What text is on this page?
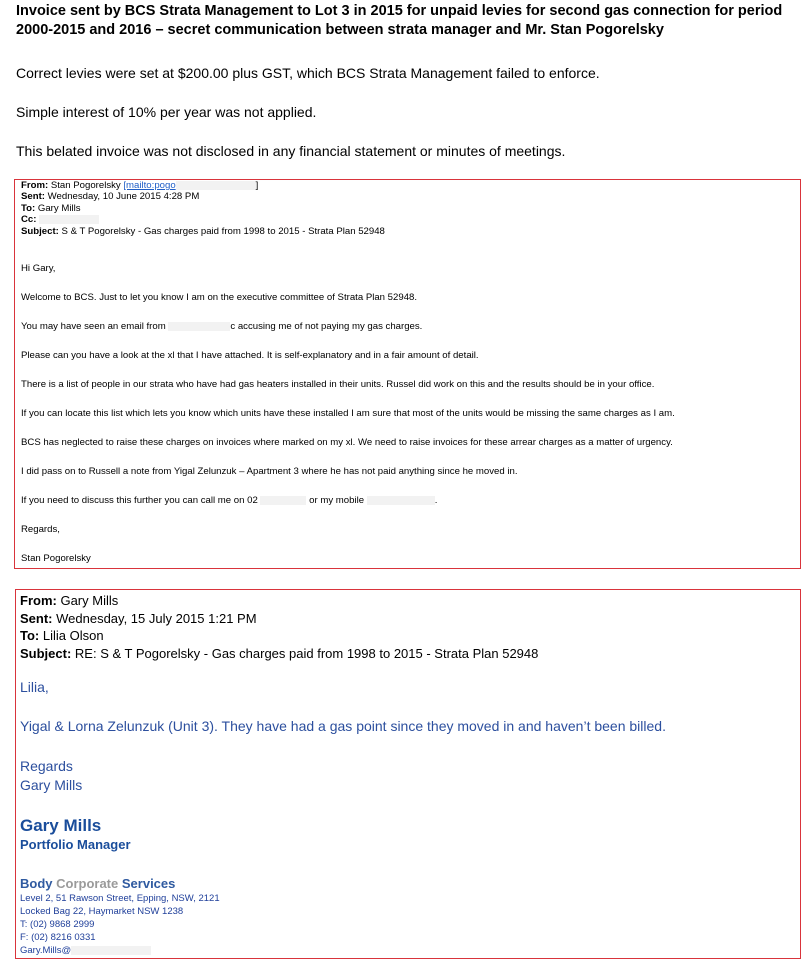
Invoice sent by BCS Strata Management to Lot 3 in 2015 for unpaid levies for second gas connection for period 2000-2015 and 2016 – secret communication between strata manager and Mr. Stan Pogorelsky
Correct levies were set at $200.00 plus GST, which BCS Strata Management failed to enforce.
Simple interest of 10% per year was not applied.
This belated invoice was not disclosed in any financial statement or minutes of meetings.
From: Stan Pogorelsky [mailto:pogo	]
Sent: Wednesday, 10 June 2015 4:28 PM
To: Gary Mills
Cc:
Subject: S & T Pogorelsky - Gas charges paid from 1998 to 2015 - Strata Plan 52948
Hi Gary,
Welcome to BCS. Just to let you know I am on the executive committee of Strata Plan 52948.
You may have seen an email from	c accusing me of not paying my gas charges.
Please can you have a look at the xl that I have attached. It is self-explanatory and in a fair amount of detail.
There is a list of people in our strata who have had gas heaters installed in their units. Russel did work on this and the results should be in your office.
If you can locate this list which lets you know which units have these installed I am sure that most of the units would be missing the same charges as I am.
BCS has neglected to raise these charges on invoices where marked on my xl. We need to raise invoices for these arrear charges as a matter of urgency.
I did pass on to Russell a note from Yigal Zelunzuk – Apartment 3 where he has not paid anything since he moved in.
If you need to discuss this further you can call me on 02	or my mobile	.
Regards,
Stan Pogorelsky
From: Gary Mills
Sent: Wednesday, 15 July 2015 1:21 PM
To: Lilia Olson
Subject: RE: S & T Pogorelsky - Gas charges paid from 1998 to 2015 - Strata Plan 52948
Lilia,
Yigal & Lorna Zelunzuk (Unit 3). They have had a gas point since they moved in and haven’t been billed.
Regards
Gary Mills
Gary Mills
Portfolio Manager
Body Corporate Services
Level 2, 51 Rawson Street, Epping, NSW, 2121
Locked Bag 22, Haymarket NSW 1238
T: (02) 9868 2999
F: (02) 8216 0331
Gary.Mills@
